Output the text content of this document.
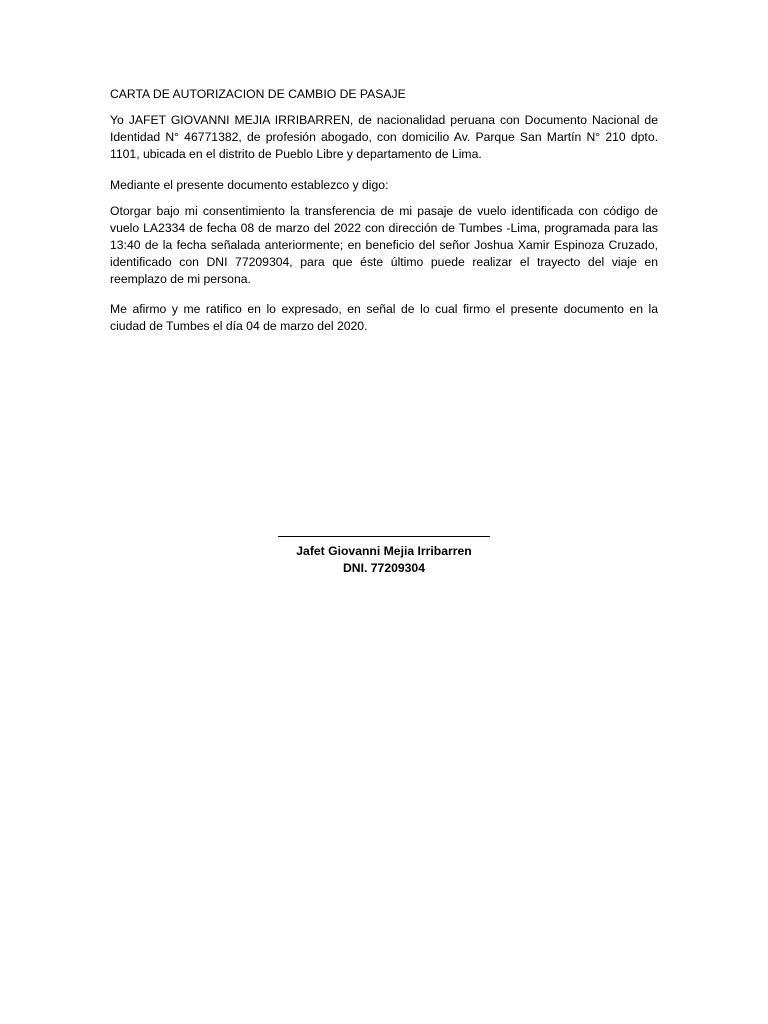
CARTA DE AUTORIZACION DE CAMBIO DE PASAJE

Yo JAFET GIOVANNI MEJIA IRRIBARREN, de nacionalidad peruana con Documento Nacional de Identidad N° 46771382, de profesión abogado, con domicilio Av. Parque San Martín N° 210 dpto. 1101, ubicada en el distrito de Pueblo Libre y departamento de Lima.

Mediante el presente documento establezco y digo:

Otorgar bajo mi consentimiento la transferencia de mi pasaje de vuelo identificada con código de vuelo LA2334 de fecha 08 de marzo del 2022 con dirección de Tumbes -Lima, programada para las 13:40 de la fecha señalada anteriormente; en beneficio del señor Joshua Xamir Espinoza Cruzado, identificado con DNI 77209304, para que éste último puede realizar el trayecto del viaje en reemplazo de mi persona.

Me afirmo y me ratifico en lo expresado, en señal de lo cual firmo el presente documento en la ciudad de Tumbes el día 04 de marzo del 2020.

Jafet Giovanni Mejia Irribarren
DNI. 77209304
